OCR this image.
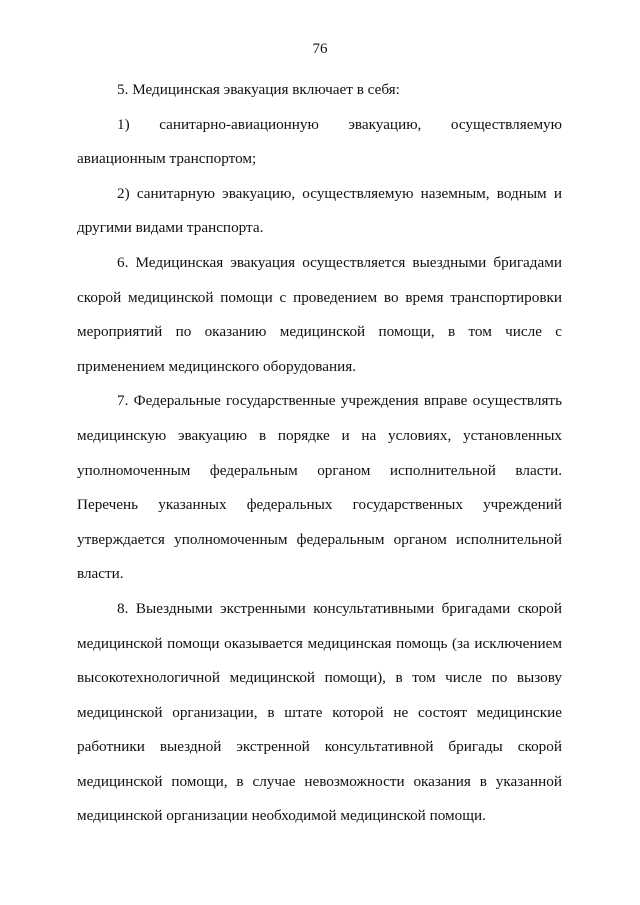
76

5. Медицинская эвакуация включает в себя:

1) санитарно-авиационную эвакуацию, осуществляемую авиационным транспортом;

2) санитарную эвакуацию, осуществляемую наземным, водным и другими видами транспорта.

6. Медицинская эвакуация осуществляется выездными бригадами скорой медицинской помощи с проведением во время транспортировки мероприятий по оказанию медицинской помощи, в том числе с применением медицинского оборудования.

7. Федеральные государственные учреждения вправе осуществлять медицинскую эвакуацию в порядке и на условиях, установленных уполномоченным федеральным органом исполнительной власти. Перечень указанных федеральных государственных учреждений утверждается уполномоченным федеральным органом исполнительной власти.

8. Выездными экстренными консультативными бригадами скорой медицинской помощи оказывается медицинская помощь (за исключением высокотехнологичной медицинской помощи), в том числе по вызову медицинской организации, в штате которой не состоят медицинские работники выездной экстренной консультативной бригады скорой медицинской помощи, в случае невозможности оказания в указанной медицинской организации необходимой медицинской помощи.
